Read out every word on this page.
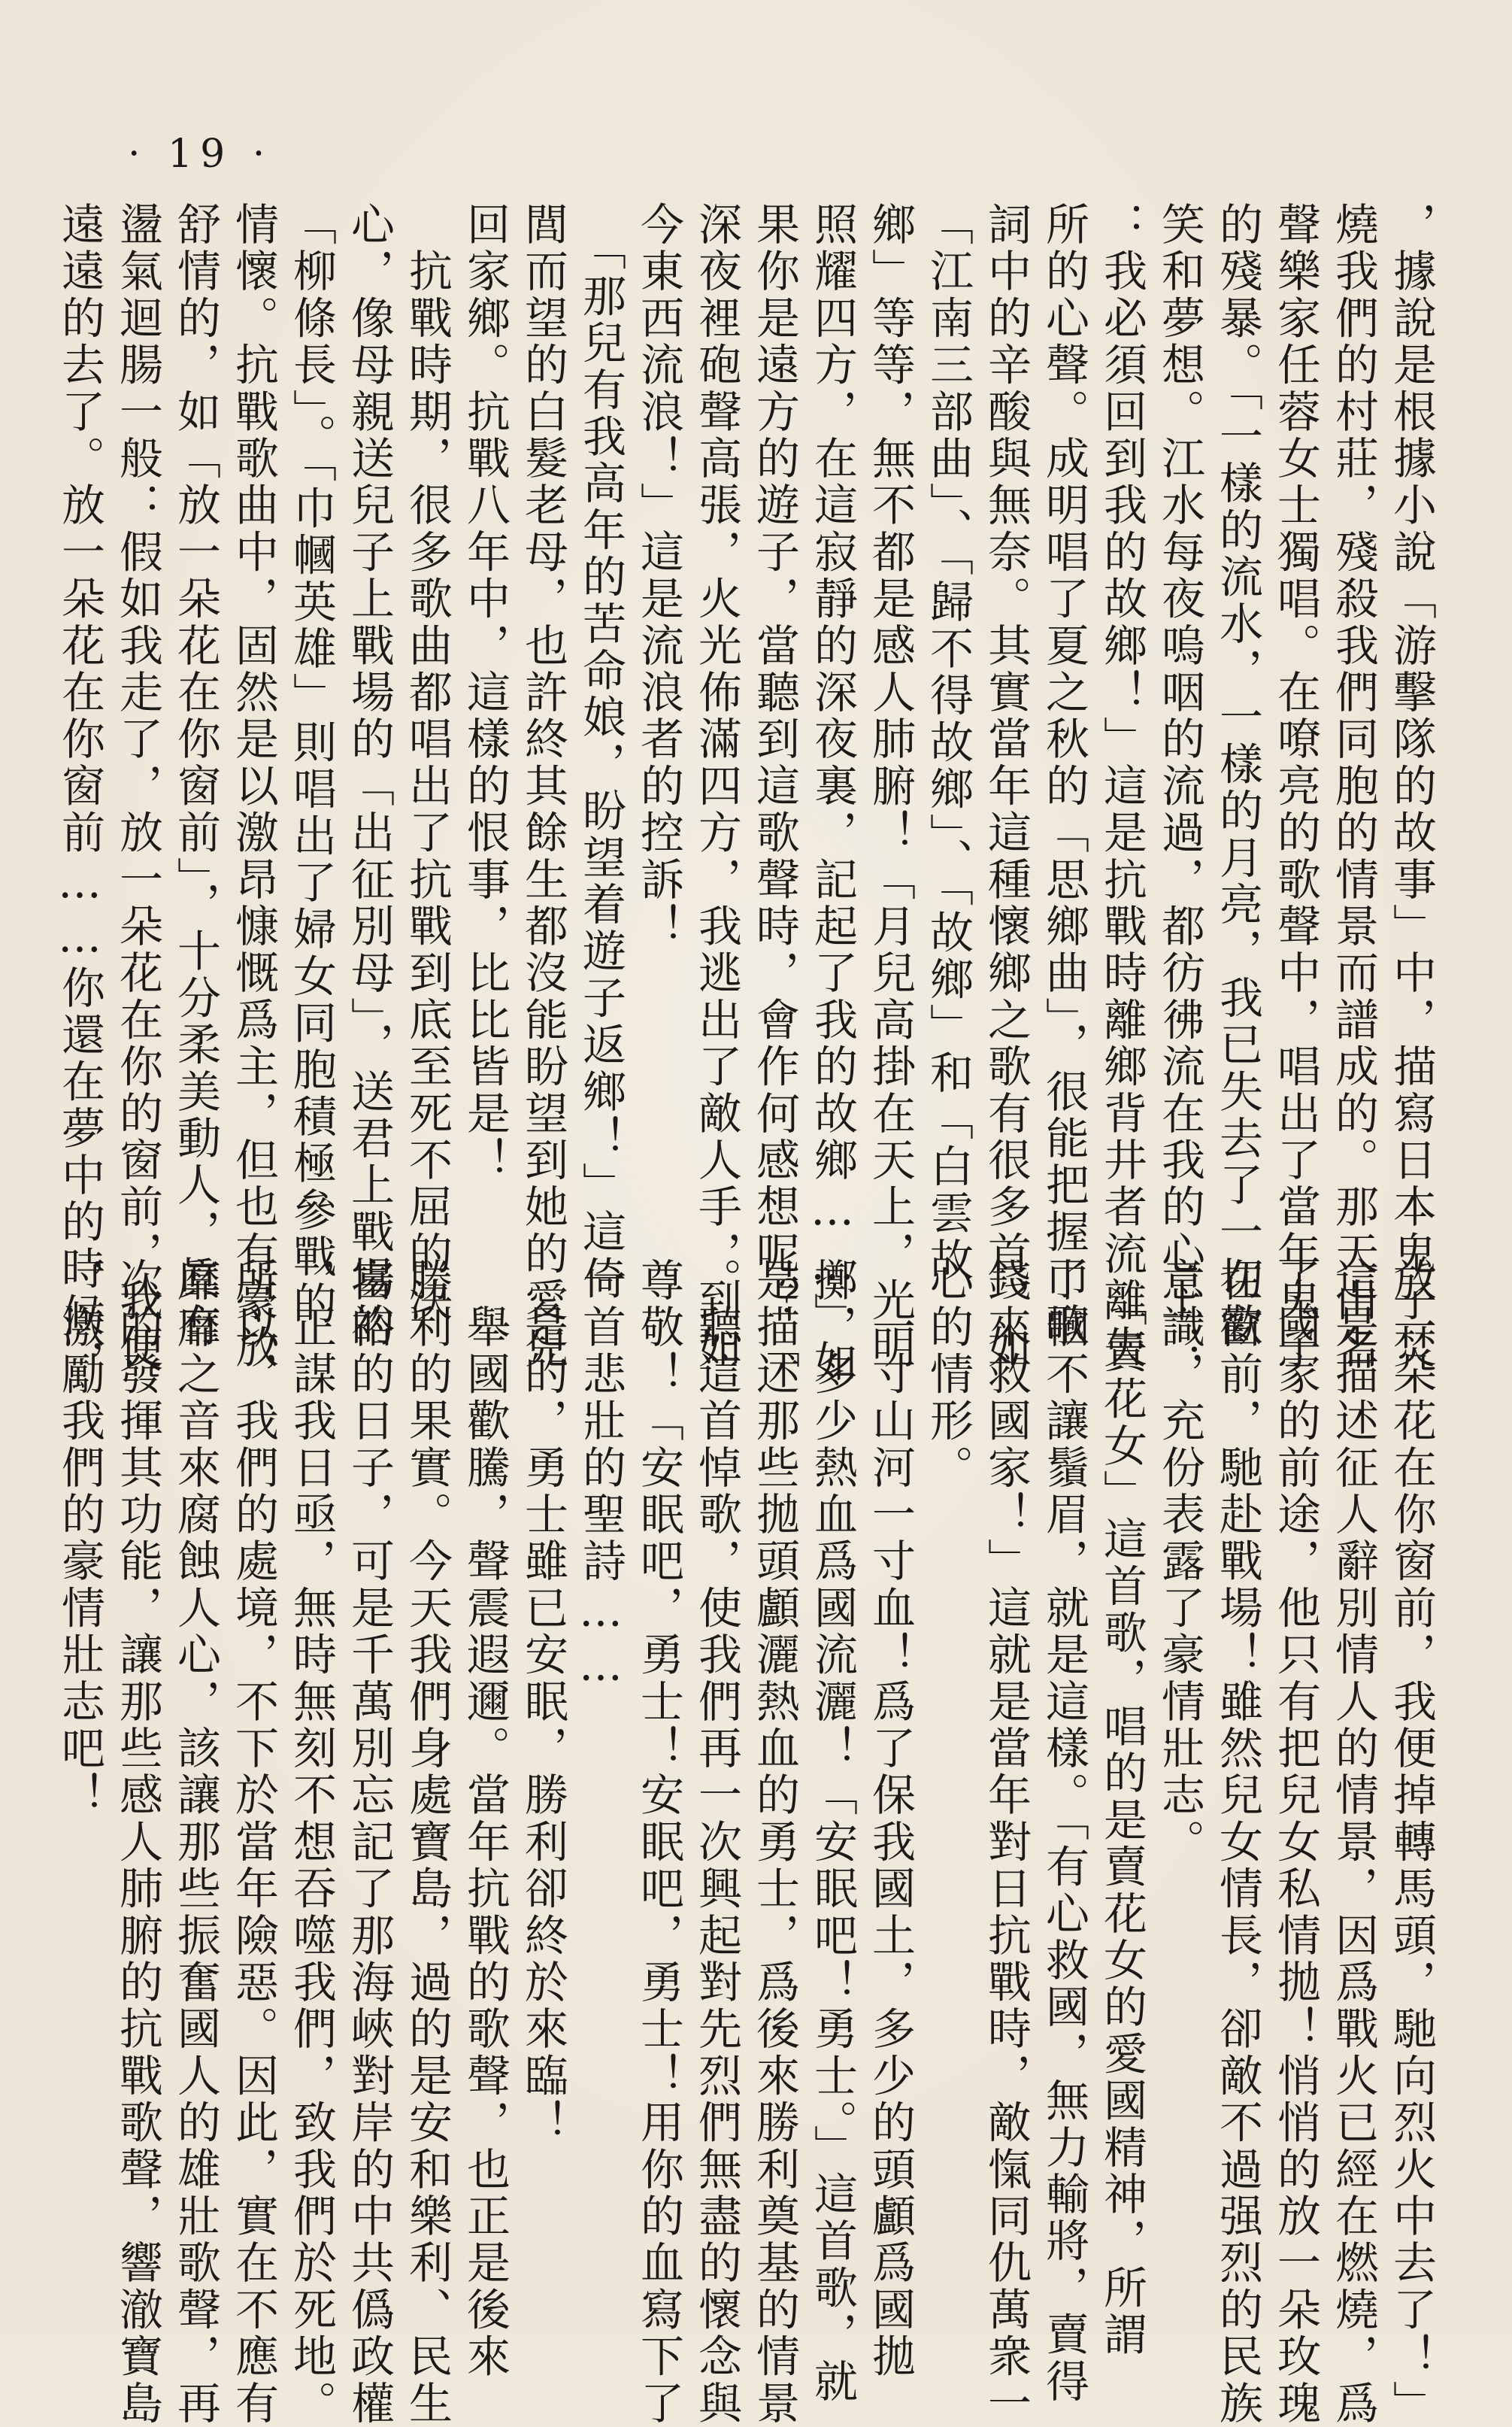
· 19 ·
，據說是根據小說「游擊隊的故事」中，描寫日本鬼子焚
燒我們的村莊，殘殺我們同胞的情景而譜成的。那天由名
聲樂家任蓉女士獨唱。在嘹亮的歌聲中，唱出了當年鬼子
的殘暴。「一樣的流水，一樣的月亮，我已失去了一切歡
笑和夢想。江水每夜嗚咽的流過，都彷彿流在我的心上：
：我必須回到我的故鄉！」這是抗戰時離鄉背井者流離失
所的心聲。成明唱了夏之秋的「思鄉曲」，很能把握了歌
詞中的辛酸與無奈。其實當年這種懷鄉之歌有很多首，如
「江南三部曲」、「歸不得故鄉」、「故鄉」和「白雲故
鄉」等等，無不都是感人肺腑！「月兒高掛在天上，光明
照耀四方，在這寂靜的深夜裏，記起了我的故鄉……」如
果你是遠方的遊子，當聽到這歌聲時，會作何感想呢？「
深夜裡砲聲高張，火光佈滿四方，我逃出了敵人手，到如
今東西流浪！」這是流浪者的控訴！
　「那兒有我高年的苦命娘，盼望着遊子返鄉！」這倚
閭而望的白髮老母，也許終其餘生都沒能盼望到她的愛兒
回家鄉。抗戰八年中，這樣的恨事，比比皆是！
　抗戰時期，很多歌曲都唱出了抗戰到底至死不屈的決
心，像母親送兒子上戰場的「出征別母」，送君上戰場的
「柳條長」。「巾幗英雄」則唱出了婦女同胞積極參戰的
情懷。抗戰歌曲中，固然是以激昂慷慨爲主，但也有豪放
舒情的，如「放一朵花在你窗前」，十分柔美動人，眞有
盪氣迴腸一般：假如我走了，放一朵花在你的窗前，我便
遠遠的去了。放一朵花在你窗前……你還在夢中的時候，
放一朵花在你窗前，我便掉轉馬頭，馳向烈火中去了！」
這是描述征人辭別情人的情景，因爲戰火已經在燃燒，爲
了國家的前途，他只有把兒女私情拋！悄悄的放一朵玫瑰
在窗前，馳赴戰場！雖然兒女情長，卻敵不過强烈的民族
意識，充份表露了豪情壯志。
　「賣花女」這首歌，唱的是賣花女的愛國精神，所謂
巾幗不讓鬚眉，就是這樣。「有心救國，無力輸將，賣得
錢來救國家！」這就是當年對日抗戰時，敵愾同仇萬衆一
心的情形。
　一寸山河一寸血！爲了保我國土，多少的頭顱爲國拋
擲，多少熱血爲國流灑！「安眠吧！勇士。」這首歌，就
是描述那些拋頭顱灑熱血的勇士，爲後來勝利奠基的情景
。聽這首悼歌，使我們再一次興起對先烈們無盡的懷念與
尊敬！「安眠吧，勇士！安眠吧，勇士！用你的血寫下了
一首悲壯的聖詩……
　是的，勇士雖已安眠，勝利卻終於來臨！
　舉國歡騰，聲震遐邇。當年抗戰的歌聲，也正是後來
勝利的果實。今天我們身處寶島，過的是安和樂利、民生
富裕的日子，可是千萬別忘記了那海峽對岸的中共僞政權
，正謀我日亟，無時無刻不想吞噬我們，致我們於死地。
所以，我們的處境，不下於當年險惡。因此，實在不應有
靡靡之音來腐蝕人心，該讓那些振奮國人的雄壯歌聲，再
次的發揮其功能，讓那些感人肺腑的抗戰歌聲，響澈寶島
，激勵我們的豪情壯志吧！
